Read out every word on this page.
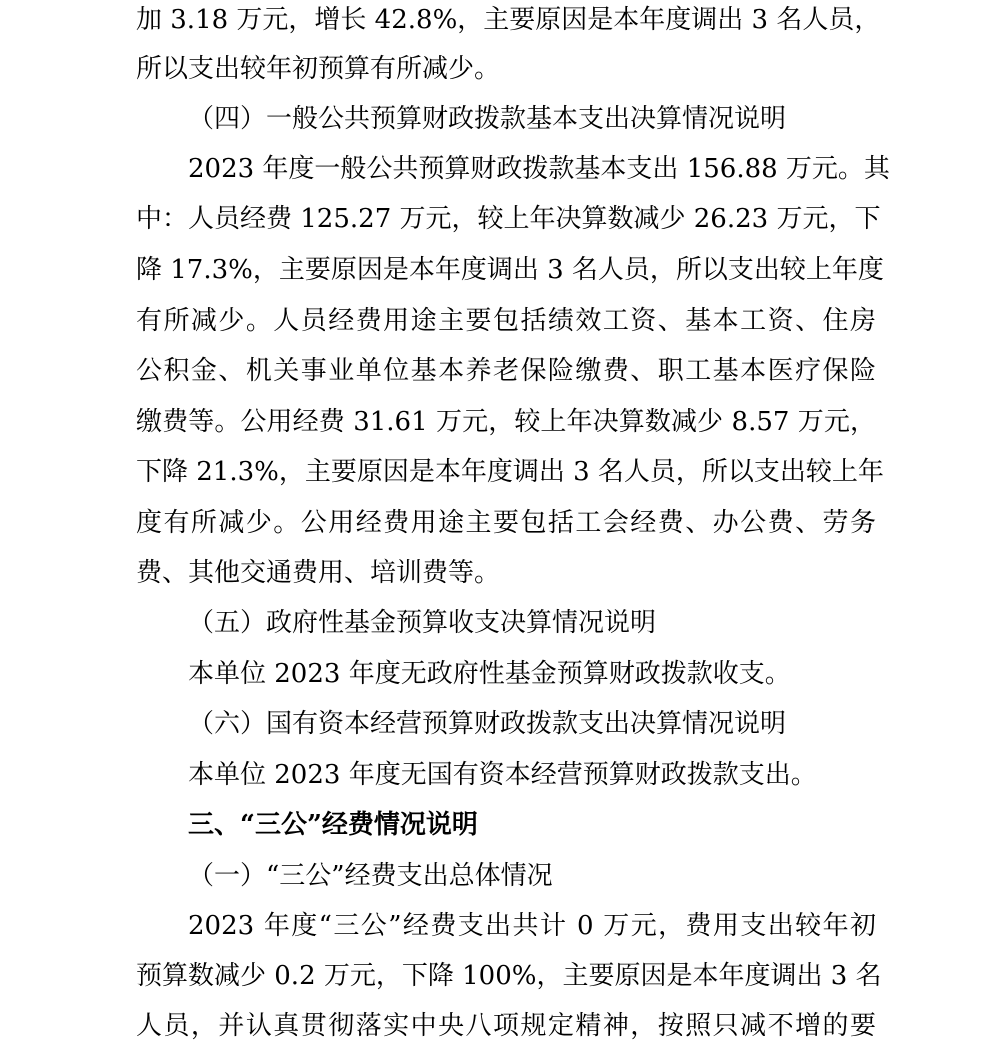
加 3.18 万元，增长 42.8%，主要原因是本年度调出 3 名人员，
所以支出较年初预算有所减少。
（四）一般公共预算财政拨款基本支出决算情况说明
2023 年度一般公共预算财政拨款基本支出 156.88 万元。其
中：人员经费 125.27 万元，较上年决算数减少 26.23 万元，下
降 17.3%，主要原因是本年度调出 3 名人员，所以支出较上年度
有所减少。人员经费用途主要包括绩效工资、基本工资、住房
公积金、机关事业单位基本养老保险缴费、职工基本医疗保险
缴费等。公用经费 31.61 万元，较上年决算数减少 8.57 万元，
下降 21.3%，主要原因是本年度调出 3 名人员，所以支出较上年
度有所减少。公用经费用途主要包括工会经费、办公费、劳务
费、其他交通费用、培训费等。
（五）政府性基金预算收支决算情况说明
本单位 2023 年度无政府性基金预算财政拨款收支。
（六）国有资本经营预算财政拨款支出决算情况说明
本单位 2023 年度无国有资本经营预算财政拨款支出。
三、“三公”经费情况说明
（一）“三公”经费支出总体情况
2023 年度“三公”经费支出共计 0 万元，费用支出较年初
预算数减少 0.2 万元，下降 100%，主要原因是本年度调出 3 名
人员，并认真贯彻落实中央八项规定精神，按照只减不增的要
